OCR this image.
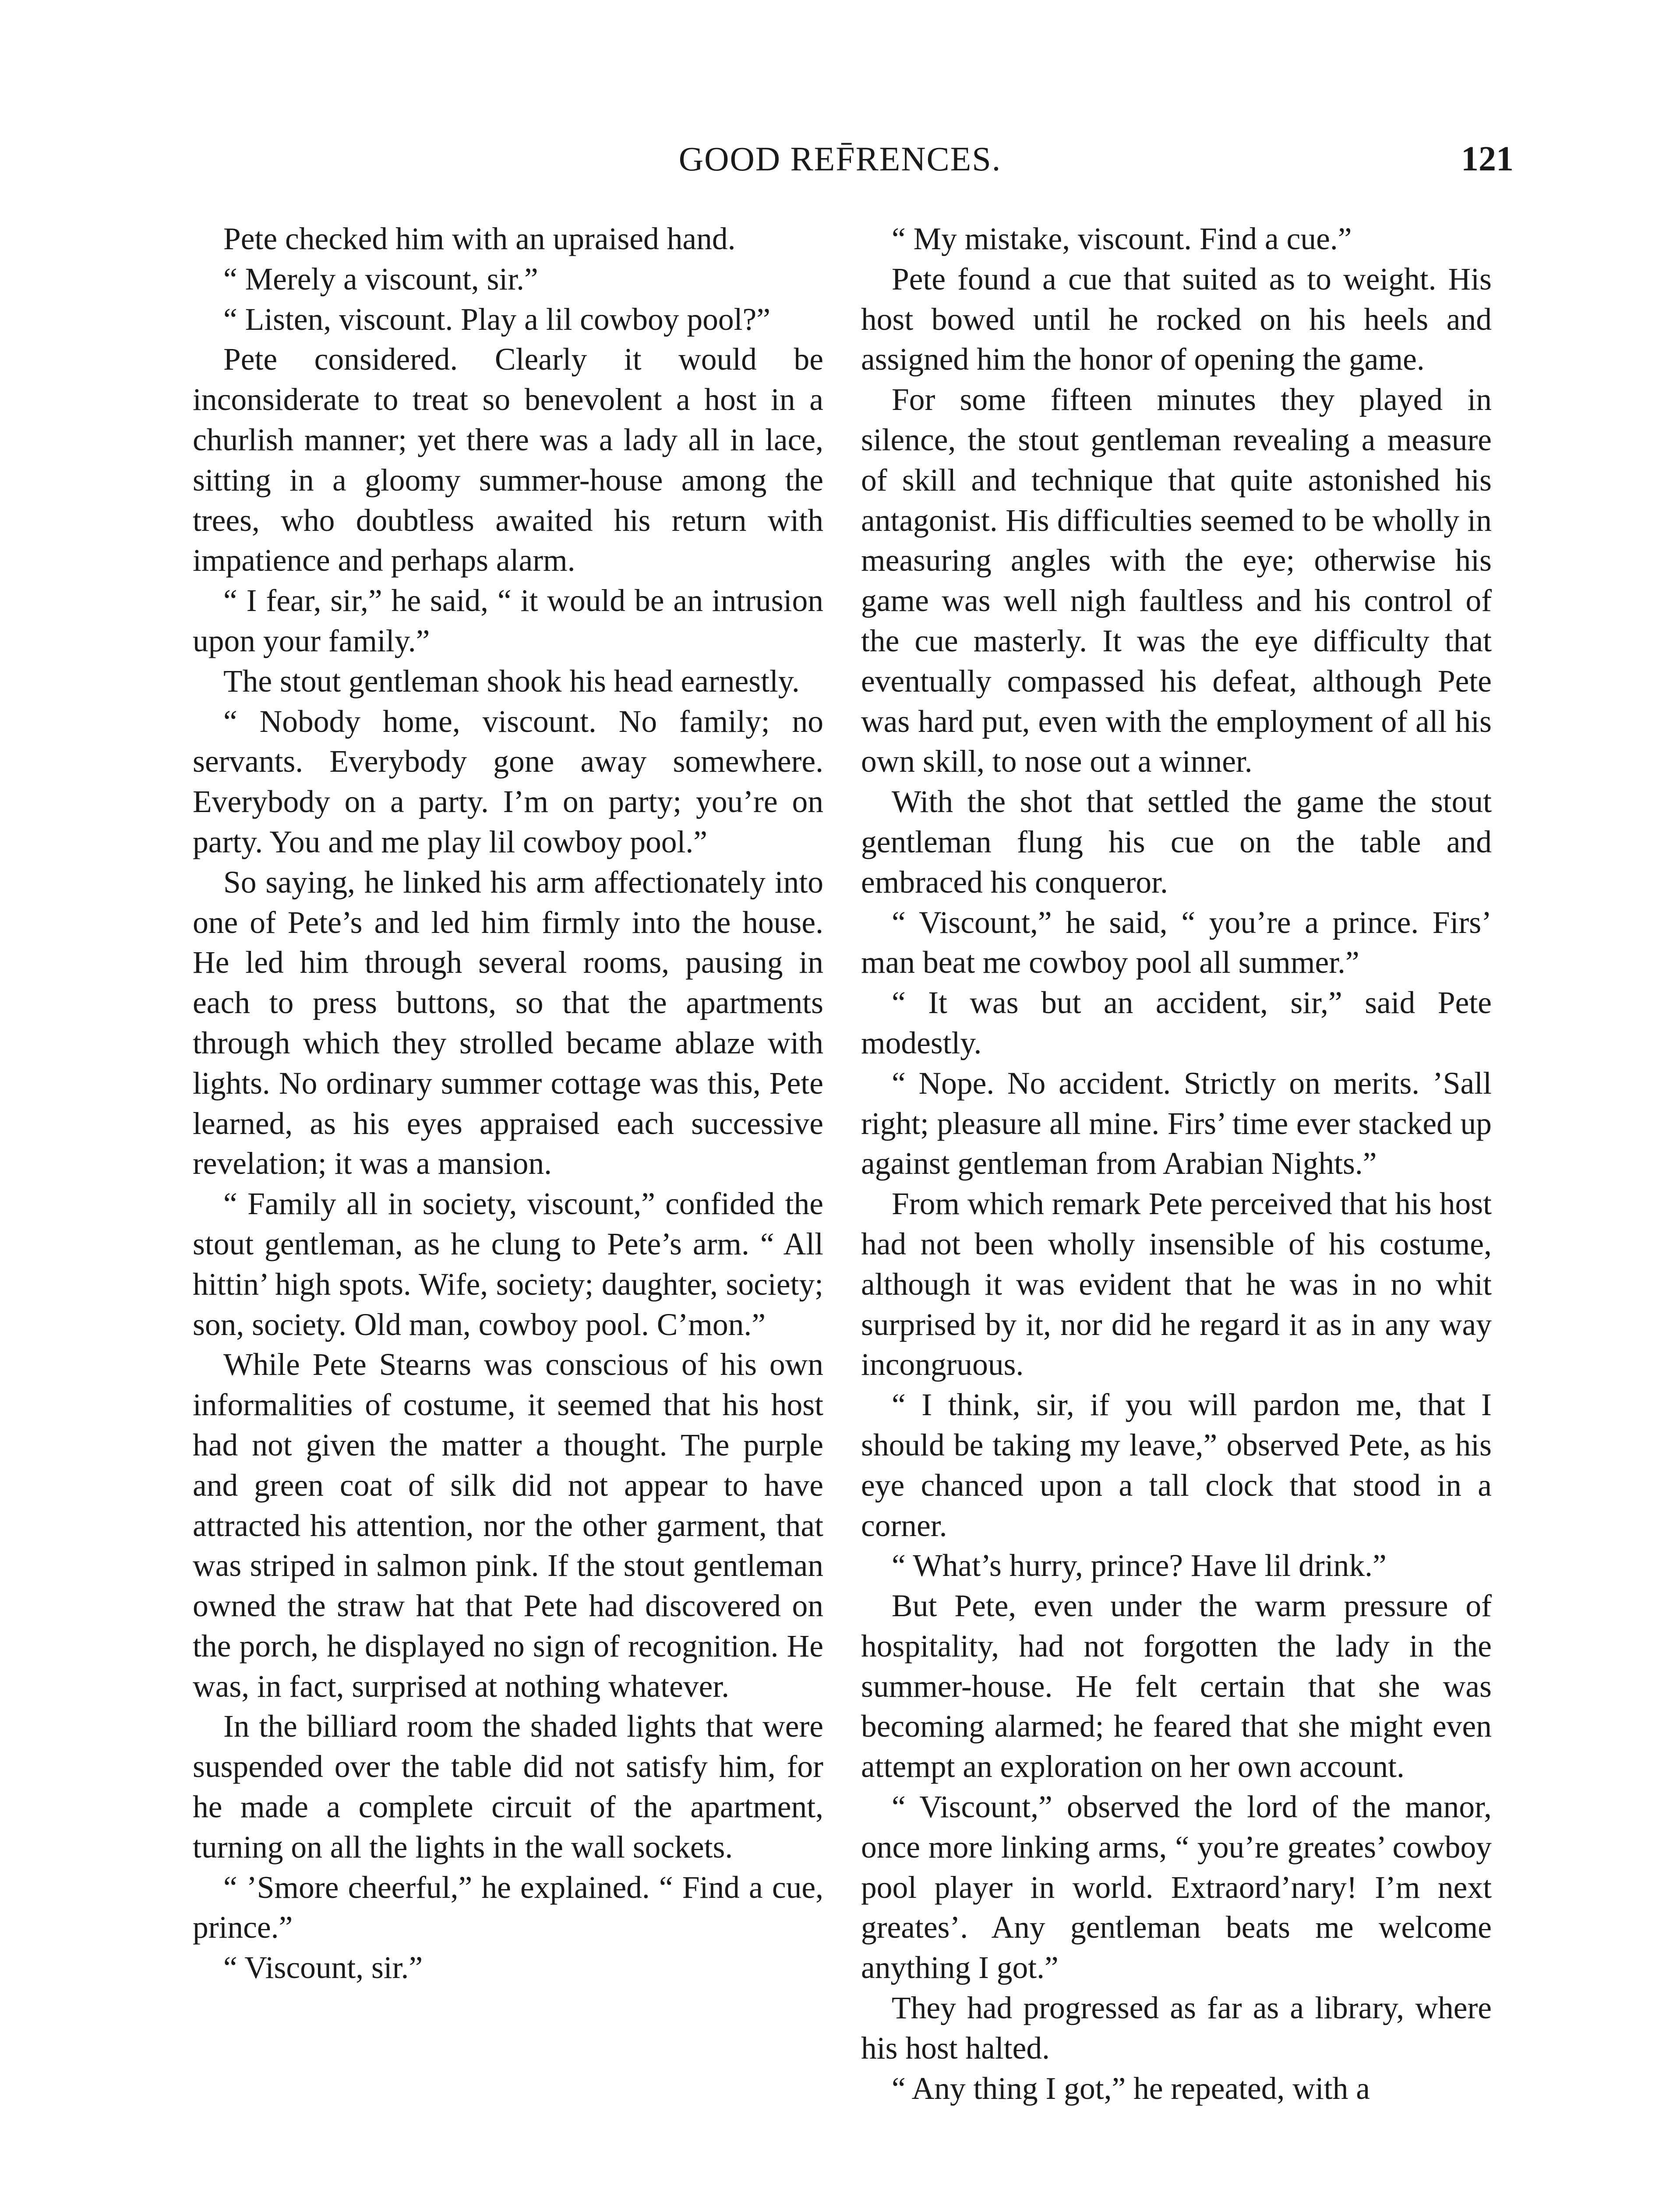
GOOD REF̄RENCES.	121

Pete checked him with an upraised hand.

“ Merely a viscount, sir.”

“ Listen, viscount. Play a lil cowboy pool?”

Pete considered. Clearly it would be inconsiderate to treat so benevolent a host in a churlish manner; yet there was a lady all in lace, sitting in a gloomy summer-house among the trees, who doubtless awaited his return with impatience and perhaps alarm.

“ I fear, sir,” he said, “ it would be an intrusion upon your family.”

The stout gentleman shook his head earnestly.

“ Nobody home, viscount. No family; no servants. Everybody gone away somewhere. Everybody on a party. I’m on party; you’re on party. You and me play lil cowboy pool.”

So saying, he linked his arm affectionately into one of Pete’s and led him firmly into the house. He led him through several rooms, pausing in each to press buttons, so that the apartments through which they strolled became ablaze with lights. No ordinary summer cottage was this, Pete learned, as his eyes appraised each successive revelation; it was a mansion.

“ Family all in society, viscount,” confided the stout gentleman, as he clung to Pete’s arm. “ All hittin’ high spots. Wife, society; daughter, society; son, society. Old man, cowboy pool. C’mon.”

While Pete Stearns was conscious of his own informalities of costume, it seemed that his host had not given the matter a thought. The purple and green coat of silk did not appear to have attracted his attention, nor the other garment, that was striped in salmon pink. If the stout gentleman owned the straw hat that Pete had discovered on the porch, he displayed no sign of recognition. He was, in fact, surprised at nothing whatever.

In the billiard room the shaded lights that were suspended over the table did not satisfy him, for he made a complete circuit of the apartment, turning on all the lights in the wall sockets.

“ ’Smore cheerful,” he explained. “ Find a cue, prince.”

“ Viscount, sir.”

“ My mistake, viscount. Find a cue.”

Pete found a cue that suited as to weight. His host bowed until he rocked on his heels and assigned him the honor of opening the game.

For some fifteen minutes they played in silence, the stout gentleman revealing a measure of skill and technique that quite astonished his antagonist. His difficulties seemed to be wholly in measuring angles with the eye; otherwise his game was well nigh faultless and his control of the cue masterly. It was the eye difficulty that eventually compassed his defeat, although Pete was hard put, even with the employment of all his own skill, to nose out a winner.

With the shot that settled the game the stout gentleman flung his cue on the table and embraced his conqueror.

“ Viscount,” he said, “ you’re a prince. Firs’ man beat me cowboy pool all summer.”

“ It was but an accident, sir,” said Pete modestly.

“ Nope. No accident. Strictly on merits. ’Sall right; pleasure all mine. Firs’ time ever stacked up against gentleman from Arabian Nights.”

From which remark Pete perceived that his host had not been wholly insensible of his costume, although it was evident that he was in no whit surprised by it, nor did he regard it as in any way incongruous.

“ I think, sir, if you will pardon me, that I should be taking my leave,” observed Pete, as his eye chanced upon a tall clock that stood in a corner.

“ What’s hurry, prince? Have lil drink.”

But Pete, even under the warm pressure of hospitality, had not forgotten the lady in the summer-house. He felt certain that she was becoming alarmed; he feared that she might even attempt an exploration on her own account.

“ Viscount,” observed the lord of the manor, once more linking arms, “ you’re greates’ cowboy pool player in world. Extraord’nary! I’m next greates’. Any gentleman beats me welcome anything I got.”

They had progressed as far as a library, where his host halted.

“ Any thing I got,” he repeated, with a
